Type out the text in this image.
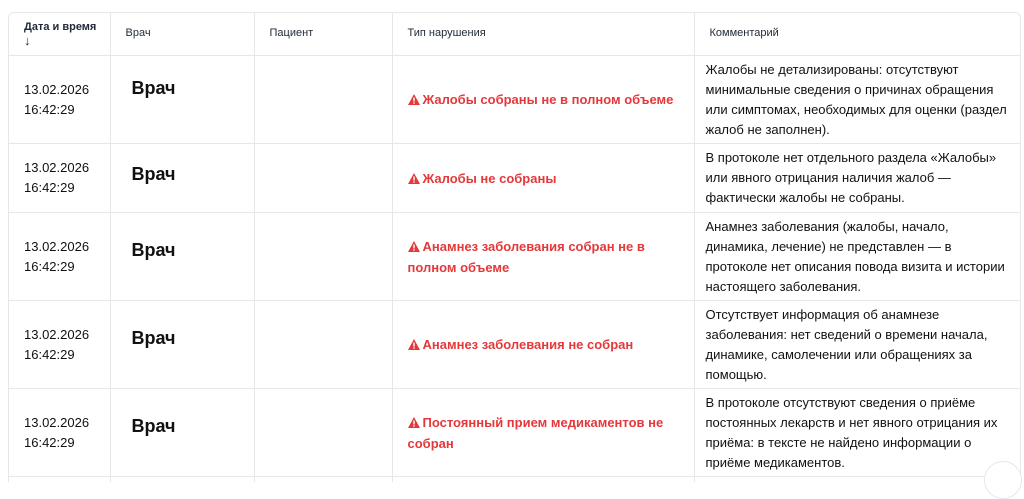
Дата и время
↓	Врач	Пациент	Тип нарушения	Комментарий

13.02.2026
16:42:29	Врач		Жалобы собраны не в полном объеме	Жалобы не детализированы: отсутствуют минимальные сведения о причинах обращения или симптомах, необходимых для оценки (раздел жалоб не заполнен).

13.02.2026
16:42:29	Врач		Жалобы не собраны	В протоколе нет отдельного раздела «Жалобы» или явного отрицания наличия жалоб — фактически жалобы не собраны.

13.02.2026
16:42:29	Врач		Анамнез заболевания собран не в полном объеме	Анамнез заболевания (жалобы, начало, динамика, лечение) не представлен — в протоколе нет описания повода визита и истории настоящего заболевания.

13.02.2026
16:42:29	Врач		Анамнез заболевания не собран	Отсутствует информация об анамнезе заболевания: нет сведений о времени начала, динамике, самолечении или обращениях за помощью.

13.02.2026
16:42:29	Врач		Постоянный прием медикаментов не собран	В протоколе отсутствуют сведения о приёме постоянных лекарств и нет явного отрицания их приёма: в тексте не найдено информации о приёме медикаментов.
